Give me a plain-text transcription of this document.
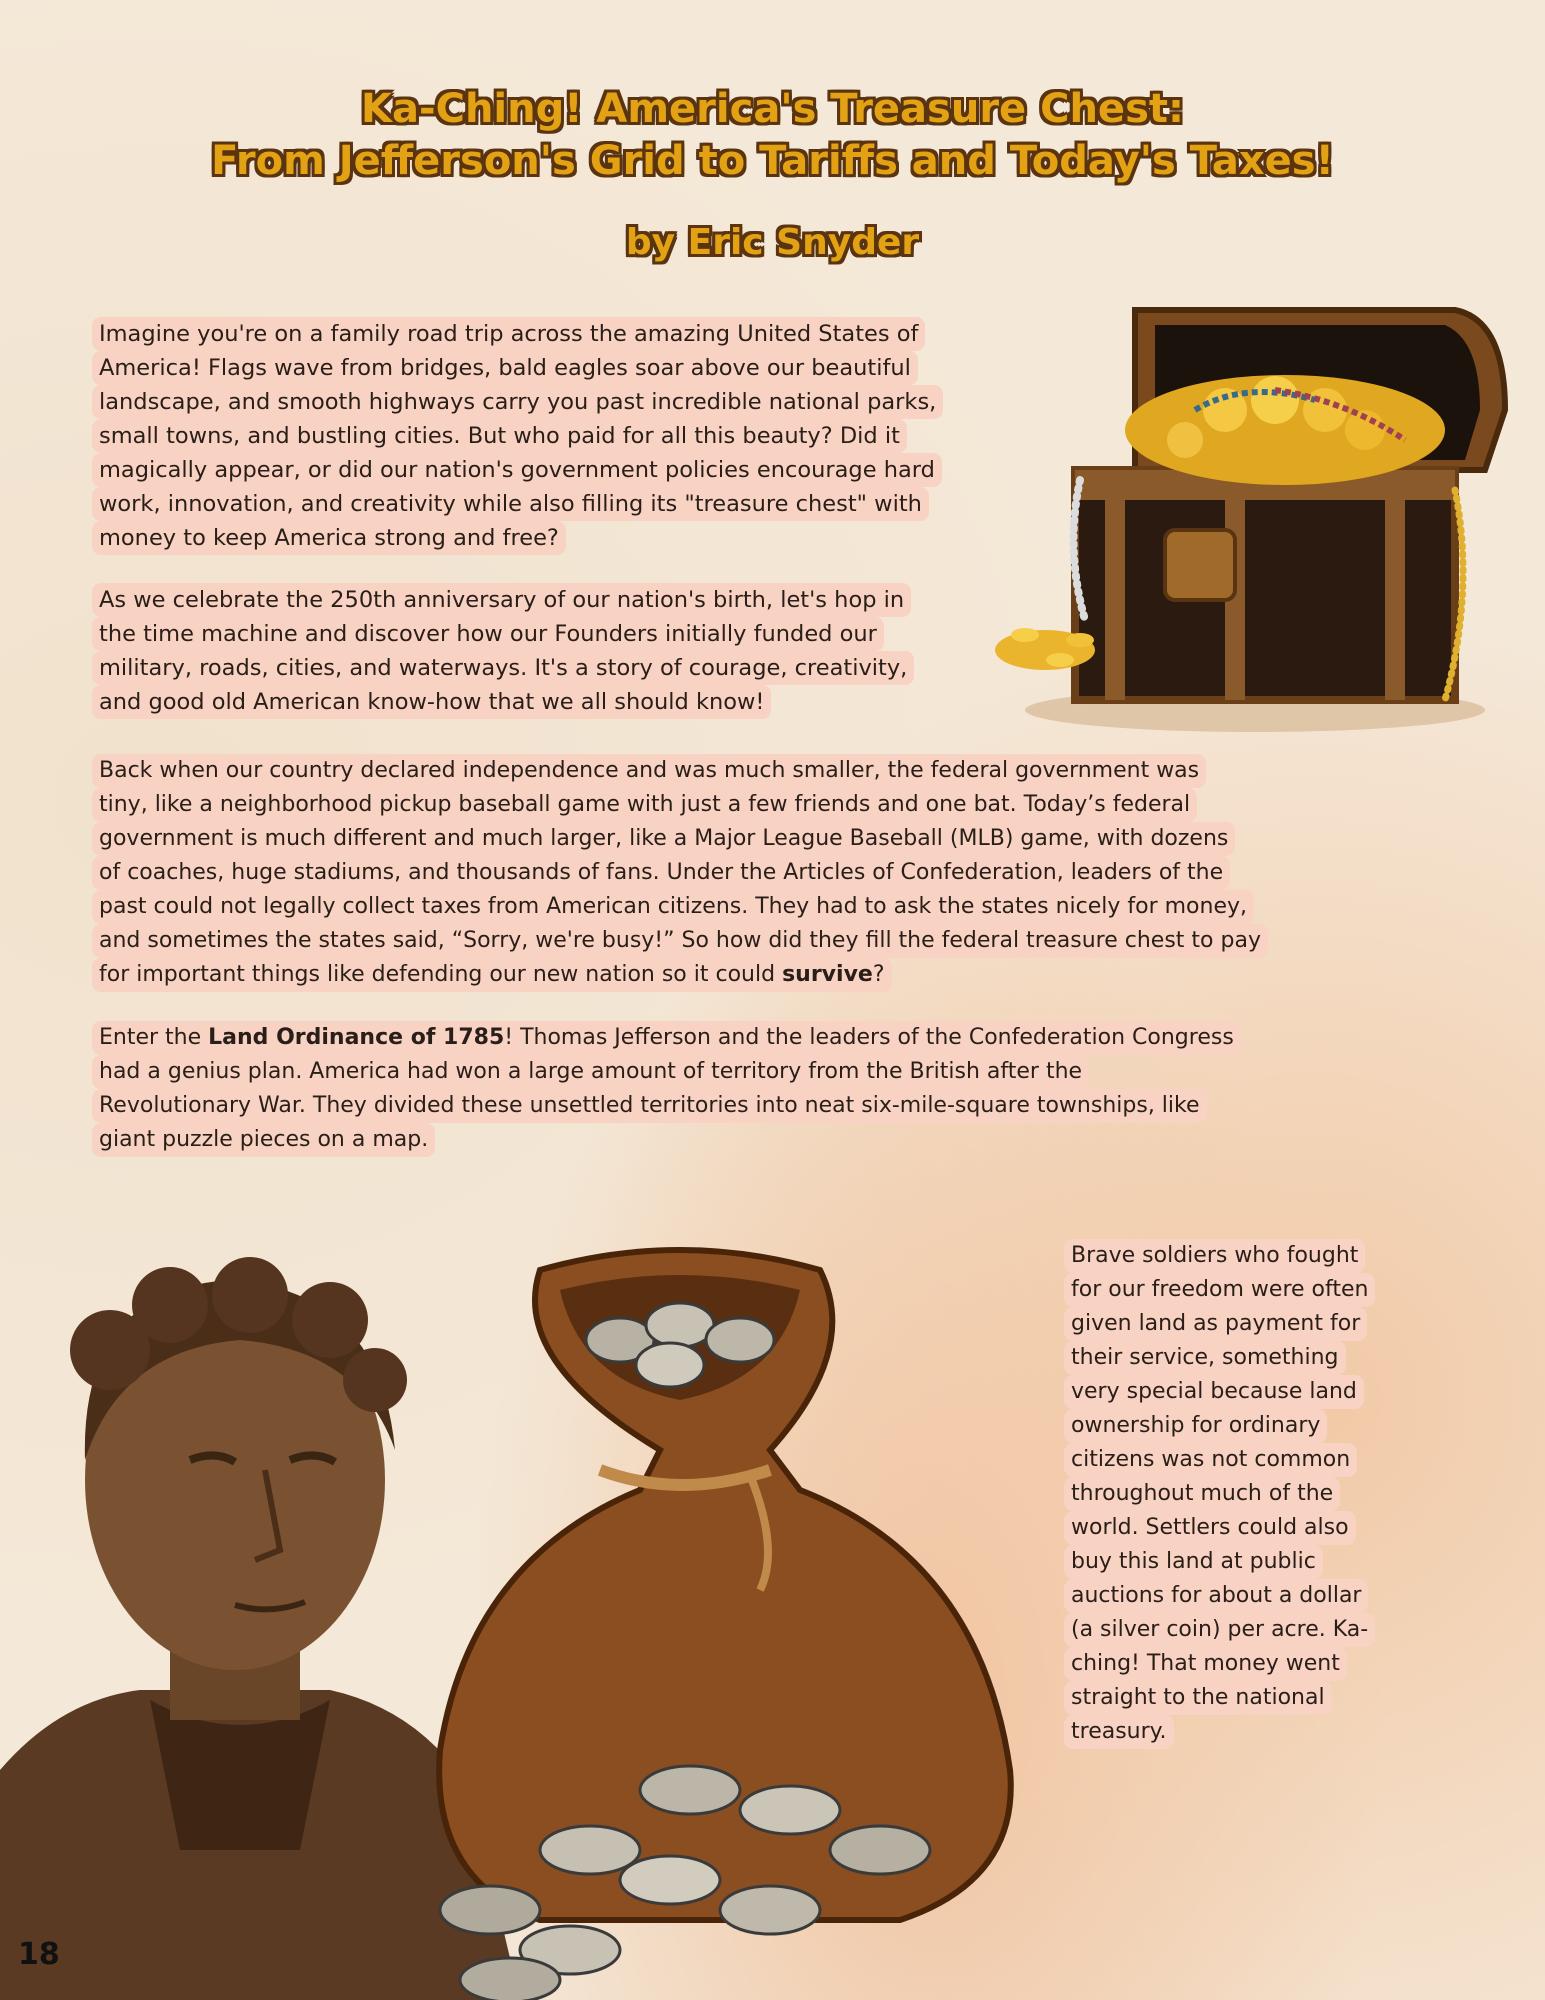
Ka-Ching! America's Treasure Chest:
From Jefferson's Grid to Tariffs and Today's Taxes!
by Eric Snyder
Imagine you're on a family road trip across the amazing United States of
America! Flags wave from bridges, bald eagles soar above our beautiful
landscape, and smooth highways carry you past incredible national parks,
small towns, and bustling cities. But who paid for all this beauty? Did it
magically appear, or did our nation's government policies encourage hard
work, innovation, and creativity while also filling its "treasure chest" with
money to keep America strong and free?
As we celebrate the 250th anniversary of our nation's birth, let's hop in
the time machine and discover how our Founders initially funded our
military, roads, cities, and waterways. It's a story of courage, creativity,
and good old American know-how that we all should know!
Back when our country declared independence and was much smaller, the federal government was
tiny, like a neighborhood pickup baseball game with just a few friends and one bat. Today’s federal
government is much different and much larger, like a Major League Baseball (MLB) game, with dozens
of coaches, huge stadiums, and thousands of fans. Under the Articles of Confederation, leaders of the
past could not legally collect taxes from American citizens. They had to ask the states nicely for money,
and sometimes the states said, “Sorry, we're busy!” So how did they fill the federal treasure chest to pay
for important things like defending our new nation so it could survive?
Enter the Land Ordinance of 1785! Thomas Jefferson and the leaders of the Confederation Congress
had a genius plan. America had won a large amount of territory from the British after the
Revolutionary War. They divided these unsettled territories into neat six-mile-square townships, like
giant puzzle pieces on a map.
Brave soldiers who fought
for our freedom were often
given land as payment for
their service, something
very special because land
ownership for ordinary
citizens was not common
throughout much of the
world. Settlers could also
buy this land at public
auctions for about a dollar
(a silver coin) per acre. Ka-
ching! That money went
straight to the national
treasury.
18
